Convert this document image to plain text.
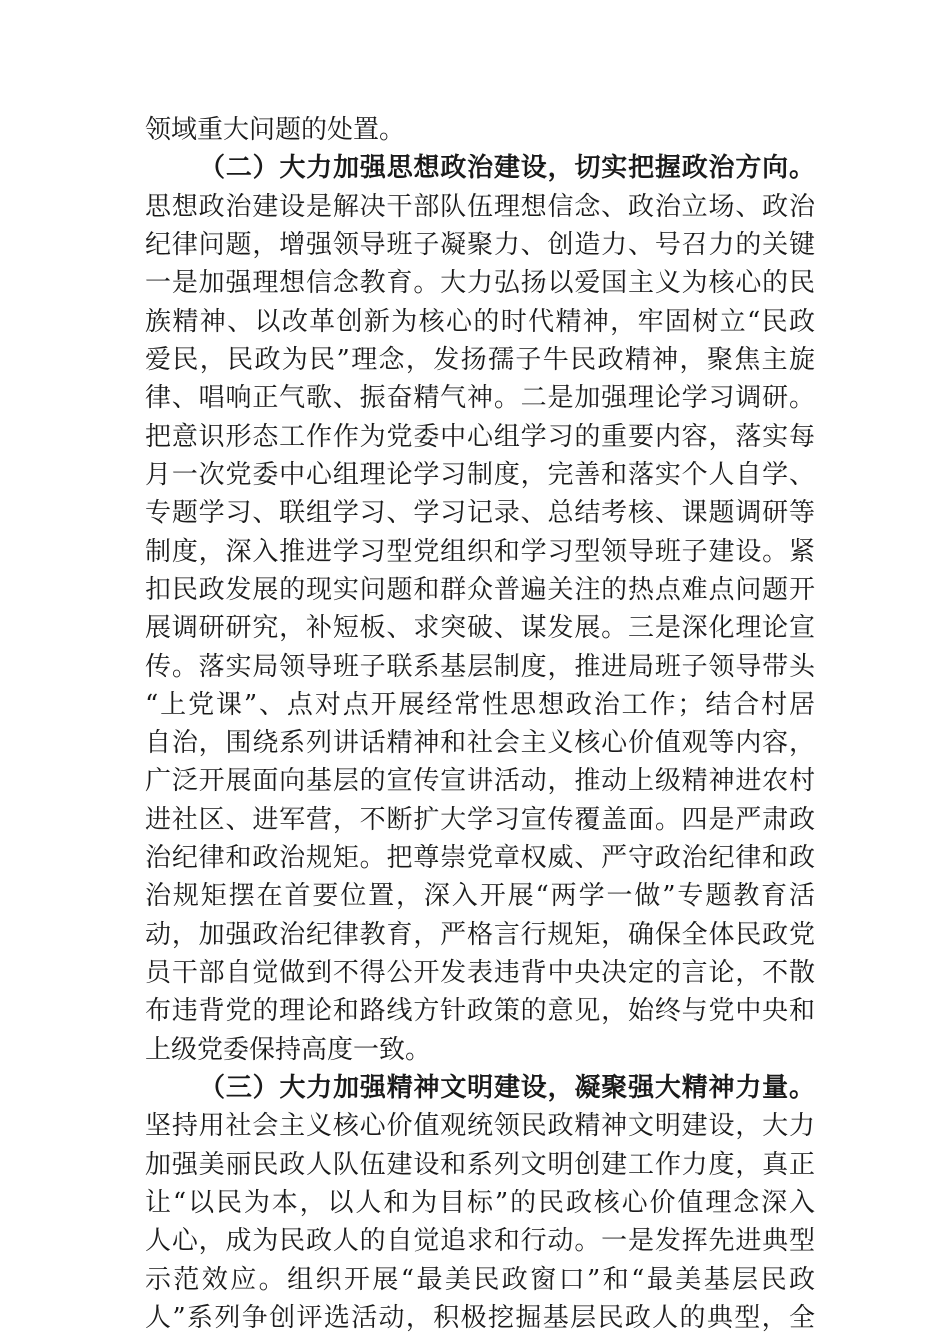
领域重大问题的处置。
（二）大力加强思想政治建设，切实把握政治方向。
思想政治建设是解决干部队伍理想信念、政治立场、政治
纪律问题，增强领导班子凝聚力、创造力、号召力的关键
一是加强理想信念教育。大力弘扬以爱国主义为核心的民
族精神、以改革创新为核心的时代精神，牢固树立“民政
爱民，民政为民”理念，发扬孺子牛民政精神，聚焦主旋
律、唱响正气歌、振奋精气神。二是加强理论学习调研。
把意识形态工作作为党委中心组学习的重要内容，落实每
月一次党委中心组理论学习制度，完善和落实个人自学、
专题学习、联组学习、学习记录、总结考核、课题调研等
制度，深入推进学习型党组织和学习型领导班子建设。紧
扣民政发展的现实问题和群众普遍关注的热点难点问题开
展调研研究，补短板、求突破、谋发展。三是深化理论宣
传。落实局领导班子联系基层制度，推进局班子领导带头
“上党课”、点对点开展经常性思想政治工作；结合村居
自治，围绕系列讲话精神和社会主义核心价值观等内容，
广泛开展面向基层的宣传宣讲活动，推动上级精神进农村
进社区、进军营，不断扩大学习宣传覆盖面。四是严肃政
治纪律和政治规矩。把尊崇党章权威、严守政治纪律和政
治规矩摆在首要位置，深入开展“两学一做”专题教育活
动，加强政治纪律教育，严格言行规矩，确保全体民政党
员干部自觉做到不得公开发表违背中央决定的言论，不散
布违背党的理论和路线方针政策的意见，始终与党中央和
上级党委保持高度一致。
（三）大力加强精神文明建设，凝聚强大精神力量。
坚持用社会主义核心价值观统领民政精神文明建设，大力
加强美丽民政人队伍建设和系列文明创建工作力度，真正
让“以民为本，以人和为目标”的民政核心价值理念深入
人心，成为民政人的自觉追求和行动。一是发挥先进典型
示范效应。组织开展“最美民政窗口”和“最美基层民政
人”系列争创评选活动，积极挖掘基层民政人的典型，全
